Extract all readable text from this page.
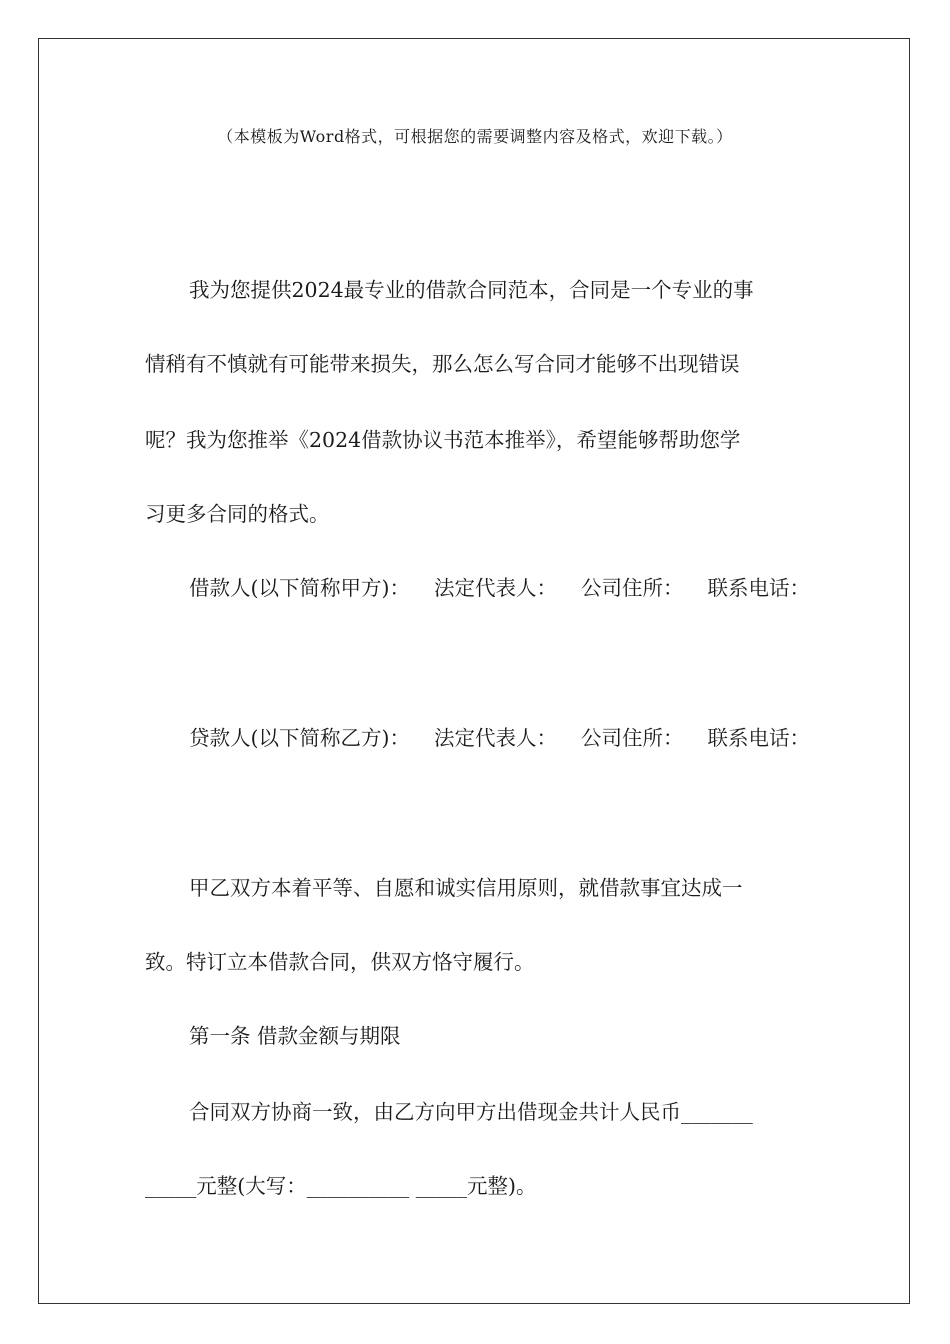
（本模板为Word格式，可根据您的需要调整内容及格式，欢迎下载。）
我为您提供2024最专业的借款合同范本，合同是一个专业的事
情稍有不慎就有可能带来损失，那么怎么写合同才能够不出现错误
呢？我为您推举《2024借款协议书范本推举》，希望能够帮助您学
习更多合同的格式。
借款人(以下简称甲方)： 法定代表人： 公司住所： 联系电话：
贷款人(以下简称乙方)： 法定代表人： 公司住所： 联系电话：
甲乙双方本着平等、自愿和诚实信用原则，就借款事宜达成一
致。特订立本借款合同，供双方恪守履行。
第一条 借款金额与期限
合同双方协商一致，由乙方向甲方出借现金共计人民币_______
_____元整(大写：__________ _____元整)。
